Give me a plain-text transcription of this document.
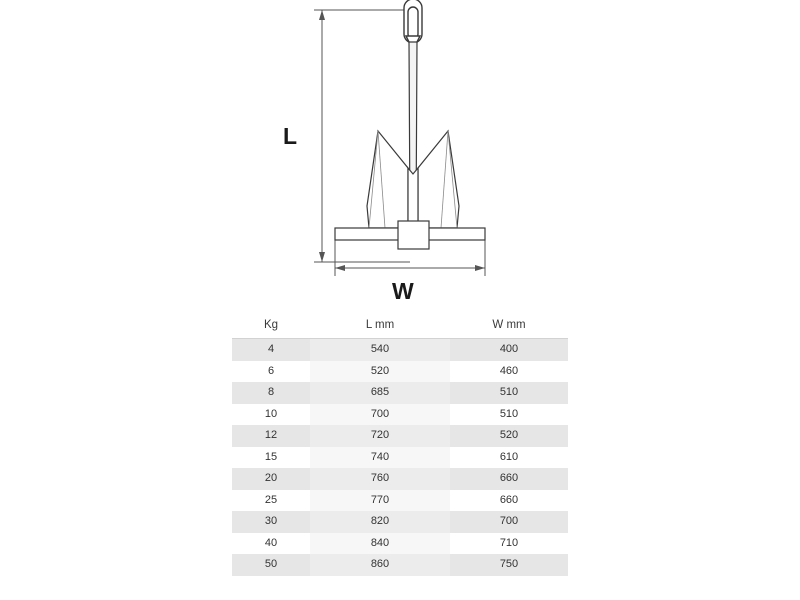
L
W
Kg	L mm	W mm
4	540	400
6	520	460
8	685	510
10	700	510
12	720	520
15	740	610
20	760	660
25	770	660
30	820	700
40	840	710
50	860	750
